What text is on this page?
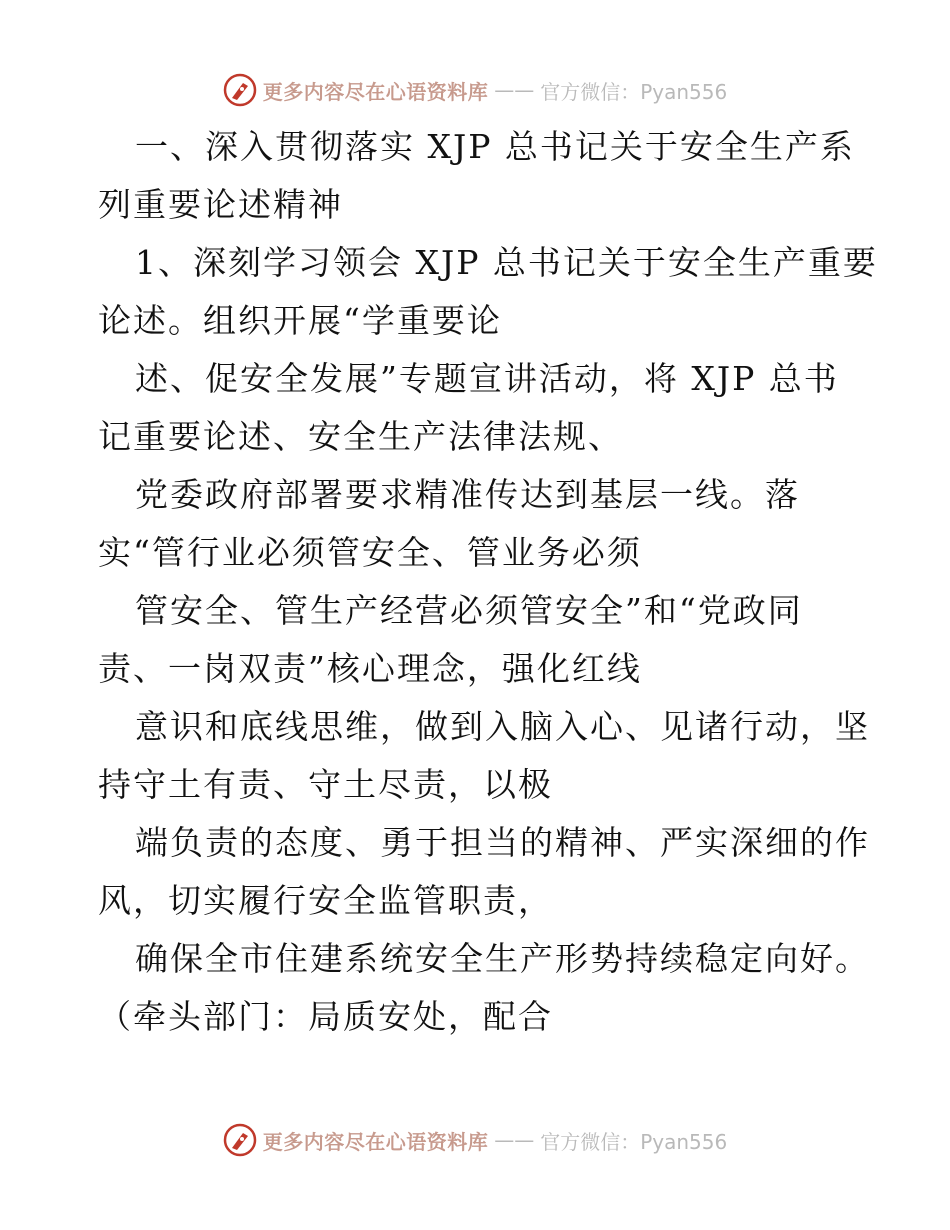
更多内容尽在心语资料库 —— 官方微信：Pyan556
一、深入贯彻落实 XJP 总书记关于安全生产系
列重要论述精神
1、深刻学习领会 XJP 总书记关于安全生产重要
论述。组织开展“学重要论
述、促安全发展”专题宣讲活动，将 XJP 总书
记重要论述、安全生产法律法规、
党委政府部署要求精准传达到基层一线。落
实“管行业必须管安全、管业务必须
管安全、管生产经营必须管安全”和“党政同
责、一岗双责”核心理念，强化红线
意识和底线思维，做到入脑入心、见诸行动，坚
持守土有责、守土尽责，以极
端负责的态度、勇于担当的精神、严实深细的作
风，切实履行安全监管职责，
确保全市住建系统安全生产形势持续稳定向好。
（牵头部门：局质安处，配合
更多内容尽在心语资料库 —— 官方微信：Pyan556
